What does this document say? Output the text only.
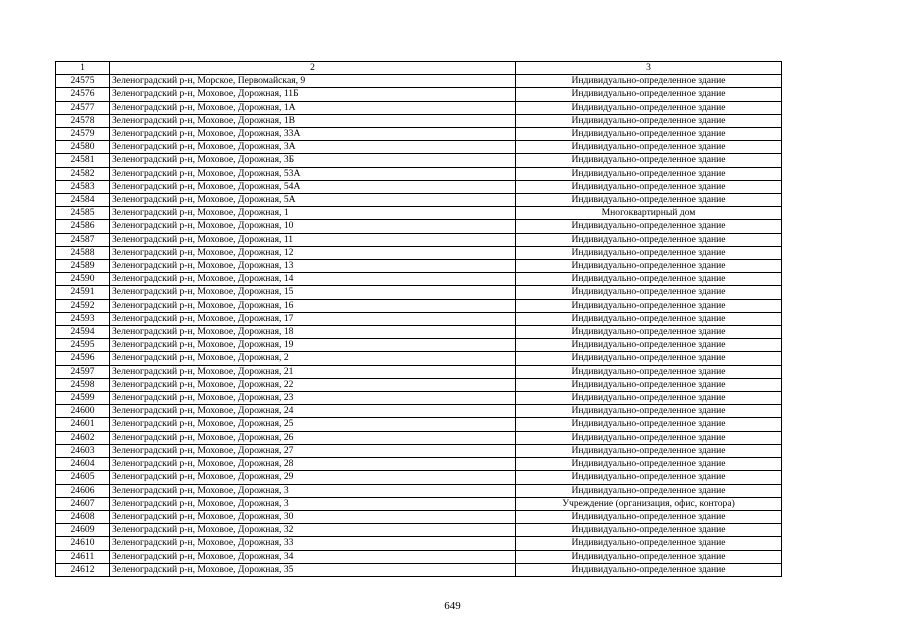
1	2	3
24575	Зеленоградский р-н, Морское, Первомайская, 9	Индивидуально-определенное здание
24576	Зеленоградский р-н, Моховое, Дорожная, 11Б	Индивидуально-определенное здание
24577	Зеленоградский р-н, Моховое, Дорожная, 1А	Индивидуально-определенное здание
24578	Зеленоградский р-н, Моховое, Дорожная, 1В	Индивидуально-определенное здание
24579	Зеленоградский р-н, Моховое, Дорожная, 33А	Индивидуально-определенное здание
24580	Зеленоградский р-н, Моховое, Дорожная, 3А	Индивидуально-определенное здание
24581	Зеленоградский р-н, Моховое, Дорожная, 3Б	Индивидуально-определенное здание
24582	Зеленоградский р-н, Моховое, Дорожная, 53А	Индивидуально-определенное здание
24583	Зеленоградский р-н, Моховое, Дорожная, 54А	Индивидуально-определенное здание
24584	Зеленоградский р-н, Моховое, Дорожная, 5А	Индивидуально-определенное здание
24585	Зеленоградский р-н, Моховое, Дорожная, 1	Многоквартирный дом
24586	Зеленоградский р-н, Моховое, Дорожная, 10	Индивидуально-определенное здание
24587	Зеленоградский р-н, Моховое, Дорожная, 11	Индивидуально-определенное здание
24588	Зеленоградский р-н, Моховое, Дорожная, 12	Индивидуально-определенное здание
24589	Зеленоградский р-н, Моховое, Дорожная, 13	Индивидуально-определенное здание
24590	Зеленоградский р-н, Моховое, Дорожная, 14	Индивидуально-определенное здание
24591	Зеленоградский р-н, Моховое, Дорожная, 15	Индивидуально-определенное здание
24592	Зеленоградский р-н, Моховое, Дорожная, 16	Индивидуально-определенное здание
24593	Зеленоградский р-н, Моховое, Дорожная, 17	Индивидуально-определенное здание
24594	Зеленоградский р-н, Моховое, Дорожная, 18	Индивидуально-определенное здание
24595	Зеленоградский р-н, Моховое, Дорожная, 19	Индивидуально-определенное здание
24596	Зеленоградский р-н, Моховое, Дорожная, 2	Индивидуально-определенное здание
24597	Зеленоградский р-н, Моховое, Дорожная, 21	Индивидуально-определенное здание
24598	Зеленоградский р-н, Моховое, Дорожная, 22	Индивидуально-определенное здание
24599	Зеленоградский р-н, Моховое, Дорожная, 23	Индивидуально-определенное здание
24600	Зеленоградский р-н, Моховое, Дорожная, 24	Индивидуально-определенное здание
24601	Зеленоградский р-н, Моховое, Дорожная, 25	Индивидуально-определенное здание
24602	Зеленоградский р-н, Моховое, Дорожная, 26	Индивидуально-определенное здание
24603	Зеленоградский р-н, Моховое, Дорожная, 27	Индивидуально-определенное здание
24604	Зеленоградский р-н, Моховое, Дорожная, 28	Индивидуально-определенное здание
24605	Зеленоградский р-н, Моховое, Дорожная, 29	Индивидуально-определенное здание
24606	Зеленоградский р-н, Моховое, Дорожная, 3	Индивидуально-определенное здание
24607	Зеленоградский р-н, Моховое, Дорожная, 3	Учреждение (организация, офис, контора)
24608	Зеленоградский р-н, Моховое, Дорожная, 30	Индивидуально-определенное здание
24609	Зеленоградский р-н, Моховое, Дорожная, 32	Индивидуально-определенное здание
24610	Зеленоградский р-н, Моховое, Дорожная, 33	Индивидуально-определенное здание
24611	Зеленоградский р-н, Моховое, Дорожная, 34	Индивидуально-определенное здание
24612	Зеленоградский р-н, Моховое, Дорожная, 35	Индивидуально-определенное здание
649
